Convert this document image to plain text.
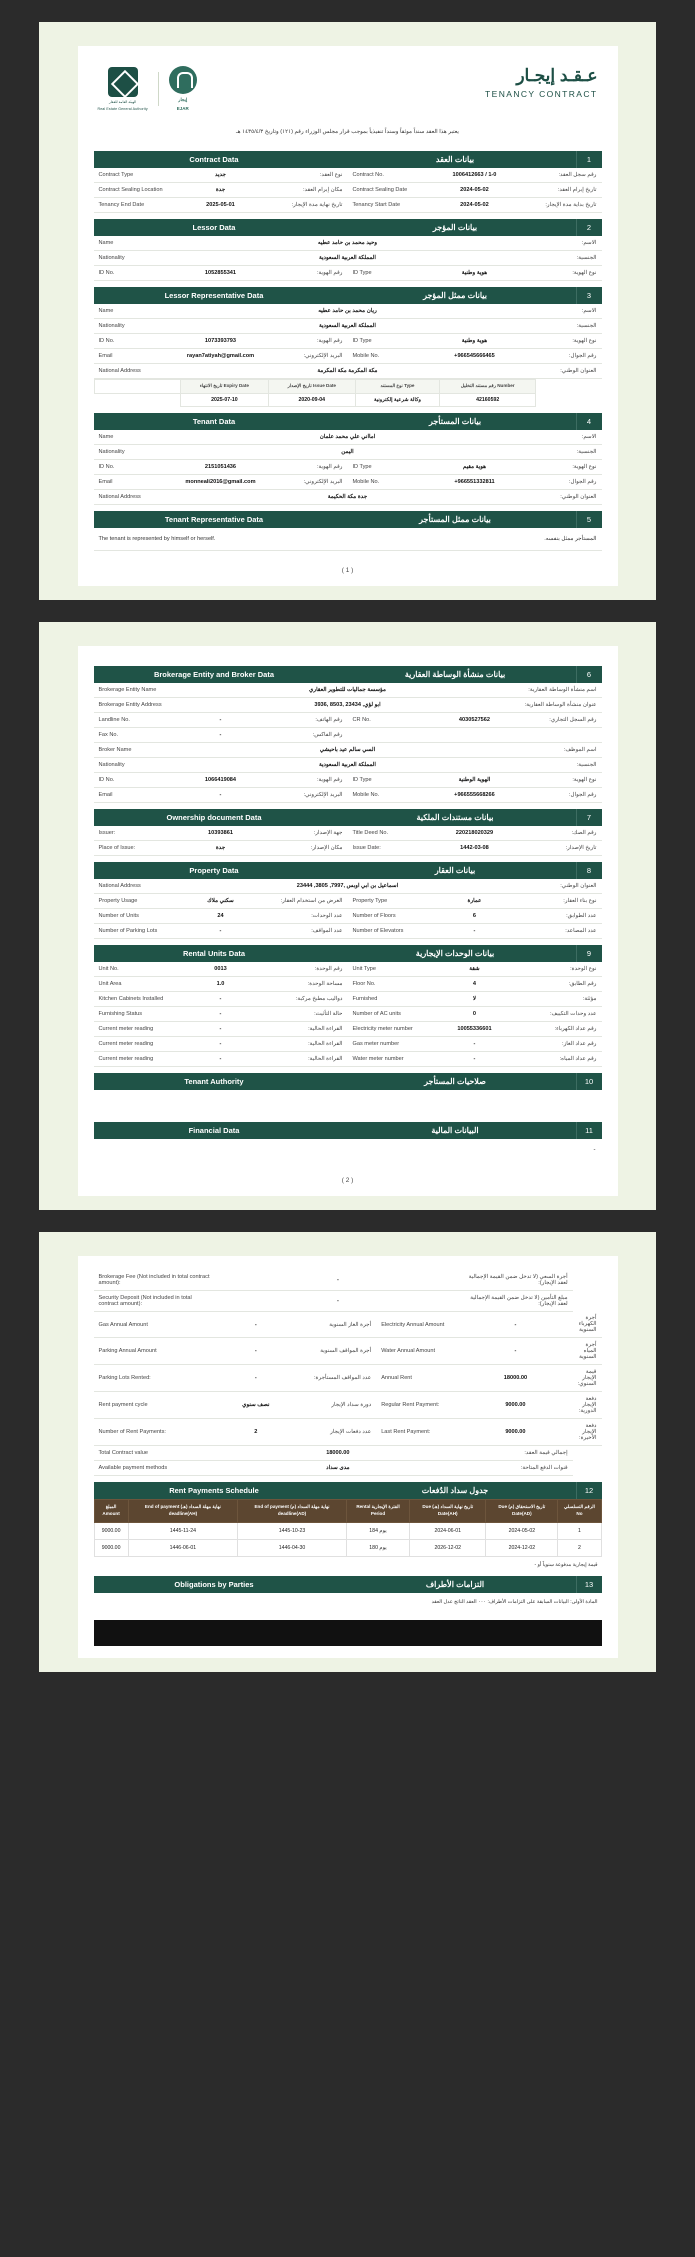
الهيئة العامة للعقار
Real Estate General Authority
إيجار
EJAR
عـقـد إيجـار
TENANCY CONTRACT
يعتبر هذا العقد سنداً موثقاً وسنداً تنفيذياً بموجب قرار مجلس الوزراء رقم (١٢١) وتاريخ ١٤٣٥/٤/٣ هـ
Contract Data	بيانات العقد	1
Contract Type	جديد	نوع العقد:	Contract No.	1006412663 / 1-0	رقم سجل العقد:
Contract Sealing Location	جدة	مكان إبرام العقد:	Contract Sealing Date	2024-05-02	تاريخ إبرام العقد:
Tenancy End Date	2025-05-01	تاريخ نهاية مدة الإيجار:	Tenancy Start Date	2024-05-02	تاريخ بداية مدة الإيجار:
Lessor Data	بيانات المؤجر	2
Name	وحيد محمد بن حامد عطيه				الاسم:
Nationality	المملكة العربية السعودية				الجنسية:
ID No.	1052855341	رقم الهوية:	ID Type	هوية وطنية	نوع الهوية:
Lessor Representative Data	بيانات ممثل المؤجر	3
Name	ريان محمد بن حامد عطيه				الاسم:
Nationality	المملكة العربية السعودية				الجنسية:
ID No.	1073393793	رقم الهوية:	ID Type	هوية وطنية	نوع الهوية:
Email	rayan7atiyah@gmail.com	البريد الإلكتروني:	Mobile No.	+966545666465	رقم الجوال:
National Address	مكة المكرمة مكة المكرمة				العنوان الوطني:
	تاريخ الانتهاء Expiry Date	تاريخ الإصدار Issue Date	نوع المستند Type	رقم مستند التخليل Number	
	2025-07-10	2020-09-04	وكالة شرعية إلكترونية	42160592	
Tenant Data	بيانات المستأجر	4
Name	امااني علي محمد علمان				الاسم:
Nationality	اليمن				الجنسية:
ID No.	2151051436	رقم الهوية:	ID Type	هوية مقيم	نوع الهوية:
Email	monneali2016@gmail.com	البريد الإلكتروني:	Mobile No.	+966551332811	رقم الجوال:
National Address	جدة مكة الحكيمة				العنوان الوطني:
Tenant Representative Data	بيانات ممثل المستأجر	5
المستأجر ممثل بنفسه.
The tenant is represented by himself or herself.
( 1 )
Brokerage Entity and Broker Data	بيانات منشأة الوساطة العقارية	6
Brokerage Entity Name	مؤسسة جماليات للتطوير العقاري				اسم منشأة الوساطة العقارية:
Brokerage Entity Address	3936, 8503, 23434 ,ابو لؤي				عنوان منشأة الوساطة العقارية:
Landline No.	-	رقم الهاتف:	CR No.	4030527562	رقم السجل التجاري:
Fax No.	-	رقم الفاكس:			
Broker Name	السي سالم عيد باحيشي				اسم الموظف:
Nationality	المملكة العربية السعودية				الجنسية:
ID No.	1066419084	رقم الهوية:	ID Type	الهوية الوطنية	نوع الهوية:
Email	-	البريد الإلكتروني:	Mobile No.	+966555668266	رقم الجوال:
Ownership document Data	بيانات مستندات الملكية	7
Issuer:	10393861	جهة الإصدار:	Title Deed No.	220218020329	رقم الصك:
Place of Issue:	جدة	مكان الإصدار:	Issue Date:	1442-03-08	تاريخ الإصدار:
Property Data	بيانات العقار	8
National Address	اسماعيل بن ابي اوبس ,7997, 3805, 23444				العنوان الوطني:
Property Usage	سكني ملاك	الغرض من استخدام العقار:	Property Type	عمارة	نوع بناء العقار:
Number of Units	24	عدد الوحدات:	Number of Floors	6	عدد الطوابق:
Number of Parking Lots	-	عدد المواقف:	Number of Elevators	-	عدد المصاعد:
Rental Units Data	بيانات الوحدات الإيجارية	9
Unit No.	0013	رقم الوحدة:	Unit Type	شقة	نوع الوحدة:
Unit Area	1.0	مساحة الوحدة:	Floor No.	4	رقم الطابق:
Kitchen Cabinets Installed	-	دواليب مطبخ مركبة:	Furnished	لا	مؤثثة:
Furnishing Status	-	حالة التأثيث:	Number of AC units	0	عدد وحدات التكييف:
Current meter reading	-	القراءة الحالية:	Electricity meter number	10055336601	رقم عداد الكهرباء:
Current meter reading	-	القراءة الحالية:	Gas meter number	-	رقم عداد الغاز:
Current meter reading	-	القراءة الحالية:	Water meter number	-	رقم عداد المياه:
Tenant Authority	صلاحيات المستأجر	10
Financial Data	البيانات المالية	11
-
( 2 )
Brokerage Fee (Not included in total contract amount):	-			أجرة السعي (لا تدخل ضمن القيمة الإجمالية لعقد الإيجار):	
Security Deposit (Not included in total contract amount):	-			مبلغ التأمين (لا تدخل ضمن القيمة الإجمالية لعقد الإيجار):	
Gas Annual Amount	-	أجرة الغاز السنوية	Electricity Annual Amount	-	أجرة الكهرباء السنوية
Parking Annual Amount	-	أجرة المواقف السنوية	Water Annual Amount	-	أجرة المياه السنوية
Parking Lots Rented:	-	عدد المواقف المستأجرة:	Annual Rent	18000.00	قيمة الإيجار السنوي:
Rent payment cycle	نصف سنوي	دورة سداد الإيجار	Regular Rent Payment:	9000.00	دفعة الإيجار الدورية:
Number of Rent Payments:	2	عدد دفعات الإيجار	Last Rent Payment:	9000.00	دفعة الإيجار الأخيرة:
Total Contract value	18000.00			إجمالي قيمة العقد:	
Available payment methods	مدى سداد			قنوات الدفع المتاحة:	
Rent Payments Schedule	جدول سداد الدُفعات	12
المبلغ Amount	نهاية مهلة السداد (هـ) End of payment deadline(AH)	نهاية مهلة السداد (م) End of payment deadline(AD)	الفترة الإيجارية Rental Period	تاريخ نهاية السداد (هـ) Due Date(AH)	تاريخ الاستحقاق (م) Due Date(AD)	الرقم التسلسلي No
9000.00	1445-11-24	1445-10-23	184 يوم	2024-06-01	2024-05-02	1
9000.00	1446-06-01	1446-04-30	180 يوم	2026-12-02	2024-12-02	2
قيمة إيجارية مدفوعة سنوياً أو -
Obligations by Parties	التزامات الأطراف	13
المادة الأولى: البيانات السابقة على التزامات الأطراف: ٠٠٠ العقد الناتج عدل العقد
